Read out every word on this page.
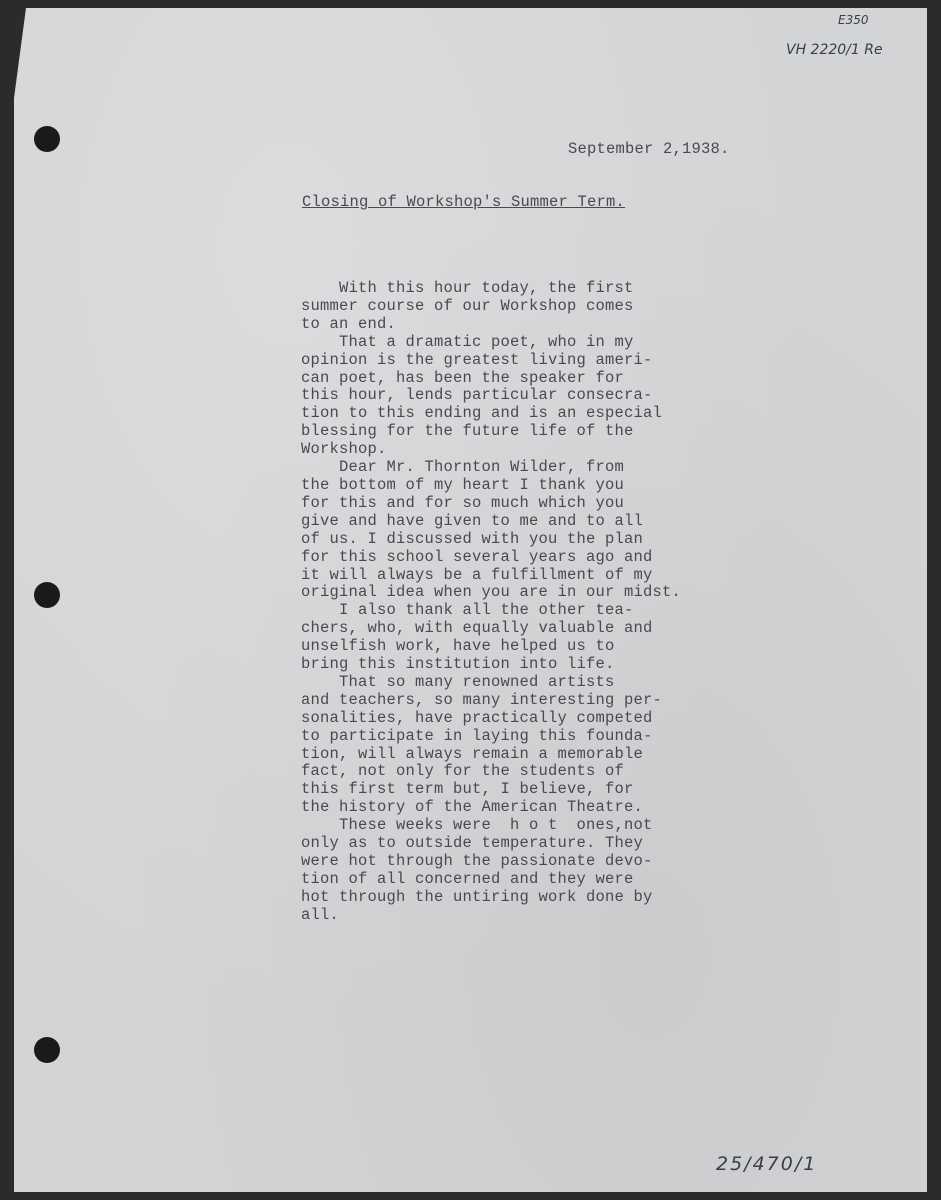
E350
VH 2220/1 Re
25/470/1
September 2,1938.
Closing of Workshop's Summer Term.
With this hour today, the first
summer course of our Workshop comes
to an end.
That a dramatic poet, who in my
opinion is the greatest living ameri-
can poet, has been the speaker for
this hour, lends particular consecra-
tion to this ending and is an especial
blessing for the future life of the
Workshop.
Dear Mr. Thornton Wilder, from
the bottom of my heart I thank you
for this and for so much which you
give and have given to me and to all
of us. I discussed with you the plan
for this school several years ago and
it will always be a fulfillment of my
original idea when you are in our midst.
I also thank all the other tea-
chers, who, with equally valuable and
unselfish work, have helped us to
bring this institution into life.
That so many renowned artists
and teachers, so many interesting per-
sonalities, have practically competed
to participate in laying this founda-
tion, will always remain a memorable
fact, not only for the students of
this first term but, I believe, for
the history of the American Theatre.
These weeks were  h o t  ones,not
only as to outside temperature. They
were hot through the passionate devo-
tion of all concerned and they were
hot through the untiring work done by
all.
